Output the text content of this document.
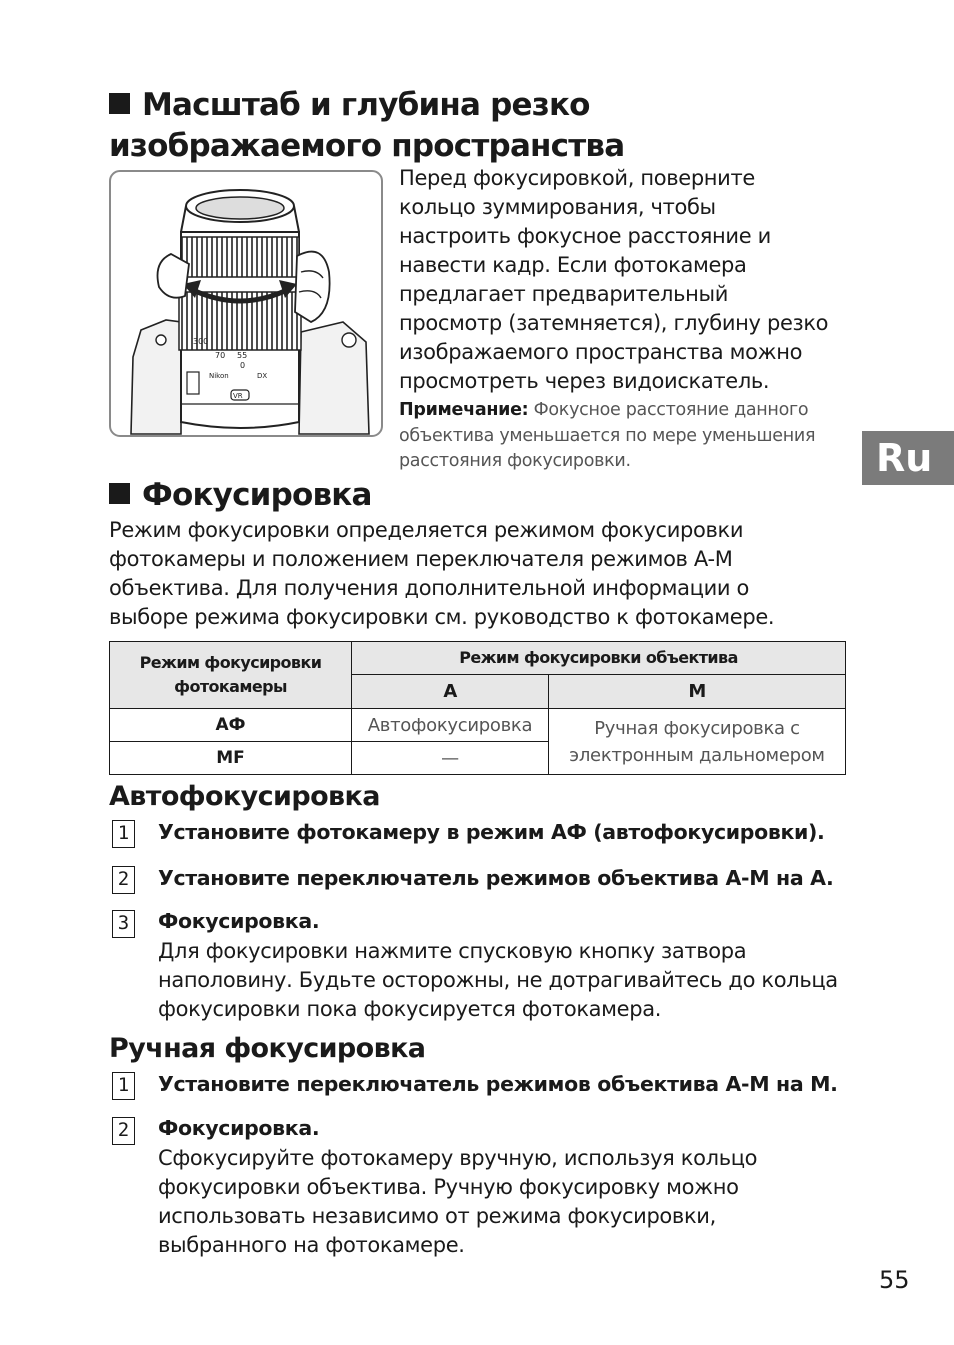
Масштаб и глубина резко
изображаемого пространства
300
70 55
0
Nikon	DX
VR
Перед фокусировкой, поверните
кольцо зуммирования, чтобы
настроить фокусное расстояние и
навести кадр. Если фотокамера
предлагает предварительный
просмотр (затемняется), глубину резко
изображаемого пространства можно
просмотреть через видоискатель.
Примечание: Фокусное расстояние данного
объектива уменьшается по мере уменьшения
расстояния фокусировки.	Ru
Фокусировка
Режим фокусировки определяется режимом фокусировки
фотокамеры и положением переключателя режимов A-M
объектива. Для получения дополнительной информации о
выборе режима фокусировки см. руководство к фотокамере.
Режим фокусировки
фотокамеры	Режим фокусировки объектива	
	A	M
АФ	Автофокусировка	Ручная фокусировка с
электронным дальномером

MF	—	
Автофокусировка
1 Установите фотокамеру в режим АФ (автофокусировки).
2 Установите переключатель режимов объектива A-M на A.
3 Фокусировка.
Для фокусировки нажмите спусковую кнопку затвора
наполовину. Будьте осторожны, не дотрагивайтесь до кольца
фокусировки пока фокусируется фотокамера.
Ручная фокусировка
1 Установите переключатель режимов объектива A-M на M.
2 Фокусировка.
Сфокусируйте фотокамеру вручную, используя кольцо
фокусировки объектива. Ручную фокусировку можно
использовать независимо от режима фокусировки,
выбранного на фотокамере.
55
